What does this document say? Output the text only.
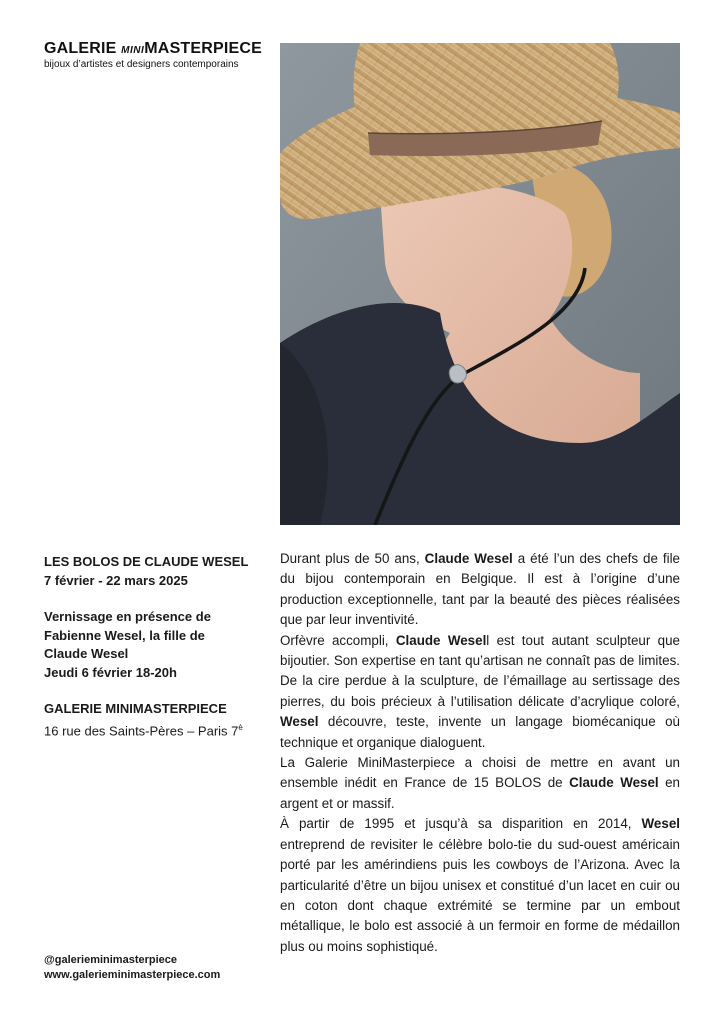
GALERIE MINIMASTERPIECE
bijoux d’artistes et designers contemporains
LES BOLOS DE CLAUDE WESEL
7 février - 22 mars 2025
Vernissage en présence de
Fabienne Wesel, la fille de
Claude Wesel
Jeudi 6 février 18-20h
GALERIE MINIMASTERPIECE
16 rue des Saints-Pères – Paris $7^è$

Durant plus de 50 ans, Claude Wesel a été l’un des chefs de file du bijou contemporain en Belgique. Il est à l’origine d’une production exceptionnelle, tant par la beauté des pièces réalisées que par leur inventivité.

Orfèvre accompli, Claude Wesell est tout autant sculpteur que bijoutier. Son expertise en tant qu’artisan ne connaît pas de limites. De la cire perdue à la sculpture, de l’émaillage au sertissage des pierres, du bois précieux à l’utilisation délicate d’acrylique coloré, Wesel découvre, teste, invente un langage biomécanique où technique et organique dialoguent.

La Galerie MiniMasterpiece a choisi de mettre en avant un ensemble inédit en France de 15 BOLOS de Claude Wesel en argent et or massif.

À partir de 1995 et jusqu’à sa disparition en 2014, Wesel entreprend de revisiter le célèbre bolo-tie du sud-ouest américain porté par les amérindiens puis les cowboys de l’Arizona. Avec la particularité d’être un bijou unisex et constitué d’un lacet en cuir ou en coton dont chaque extrémité se termine par un embout métallique, le bolo est associé à un fermoir en forme de médaillon plus ou moins sophistiqué.

@galerieminimasterpiece
www.galerieminimasterpiece.com
